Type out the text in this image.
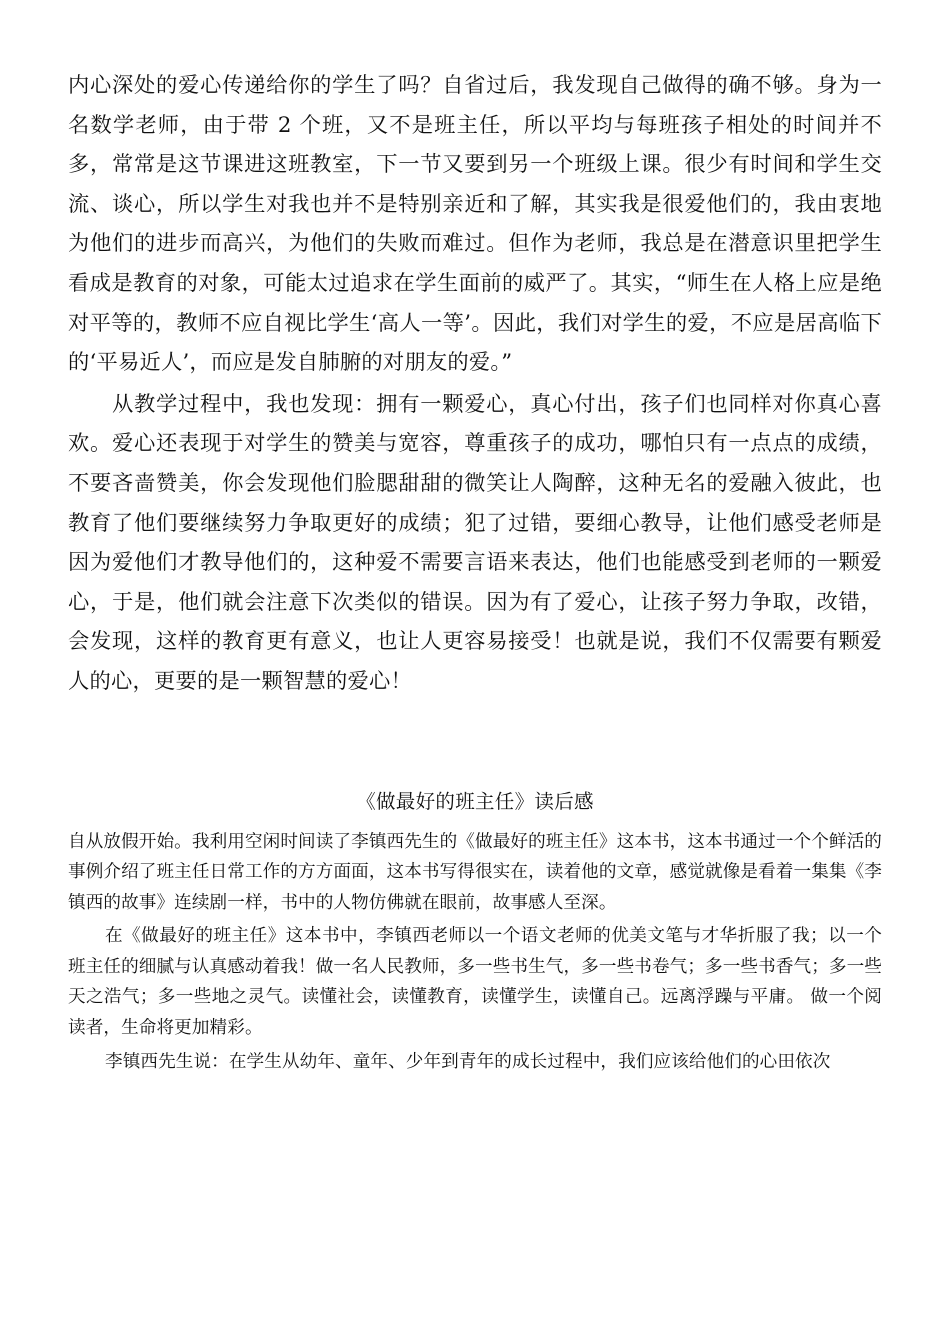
内心深处的爱心传递给你的学生了吗？自省过后，我发现自己做得的确不够。身为一名数学老师，由于带 2 个班，又不是班主任，所以平均与每班孩子相处的时间并不多，常常是这节课进这班教室，下一节又要到另一个班级上课。很少有时间和学生交流、谈心，所以学生对我也并不是特别亲近和了解，其实我是很爱他们的，我由衷地为他们的进步而高兴，为他们的失败而难过。但作为老师，我总是在潜意识里把学生看成是教育的对象，可能太过追求在学生面前的威严了。其实，“师生在人格上应是绝对平等的，教师不应自视比学生‘高人一等’。因此，我们对学生的爱，不应是居高临下的‘平易近人’，而应是发自肺腑的对朋友的爱。”

从教学过程中，我也发现：拥有一颗爱心，真心付出，孩子们也同样对你真心喜欢。爱心还表现于对学生的赞美与宽容，尊重孩子的成功，哪怕只有一点点的成绩，不要吝啬赞美，你会发现他们脸腮甜甜的微笑让人陶醉，这种无名的爱融入彼此，也教育了他们要继续努力争取更好的成绩；犯了过错，要细心教导，让他们感受老师是因为爱他们才教导他们的，这种爱不需要言语来表达，他们也能感受到老师的一颗爱心，于是，他们就会注意下次类似的错误。因为有了爱心，让孩子努力争取，改错，会发现，这样的教育更有意义，也让人更容易接受！也就是说，我们不仅需要有颗爱人的心，更要的是一颗智慧的爱心！

《做最好的班主任》读后感

自从放假开始。我利用空闲时间读了李镇西先生的《做最好的班主任》这本书，这本书通过一个个鲜活的事例介绍了班主任日常工作的方方面面，这本书写得很实在，读着他的文章，感觉就像是看着一集集《李镇西的故事》连续剧一样，书中的人物仿佛就在眼前，故事感人至深。

在《做最好的班主任》这本书中，李镇西老师以一个语文老师的优美文笔与才华折服了我；以一个班主任的细腻与认真感动着我！做一名人民教师，多一些书生气，多一些书卷气；多一些书香气；多一些天之浩气；多一些地之灵气。读懂社会，读懂教育，读懂学生，读懂自己。远离浮躁与平庸。 做一个阅读者，生命将更加精彩。

李镇西先生说：在学生从幼年、童年、少年到青年的成长过程中，我们应该给他们的心田依次
